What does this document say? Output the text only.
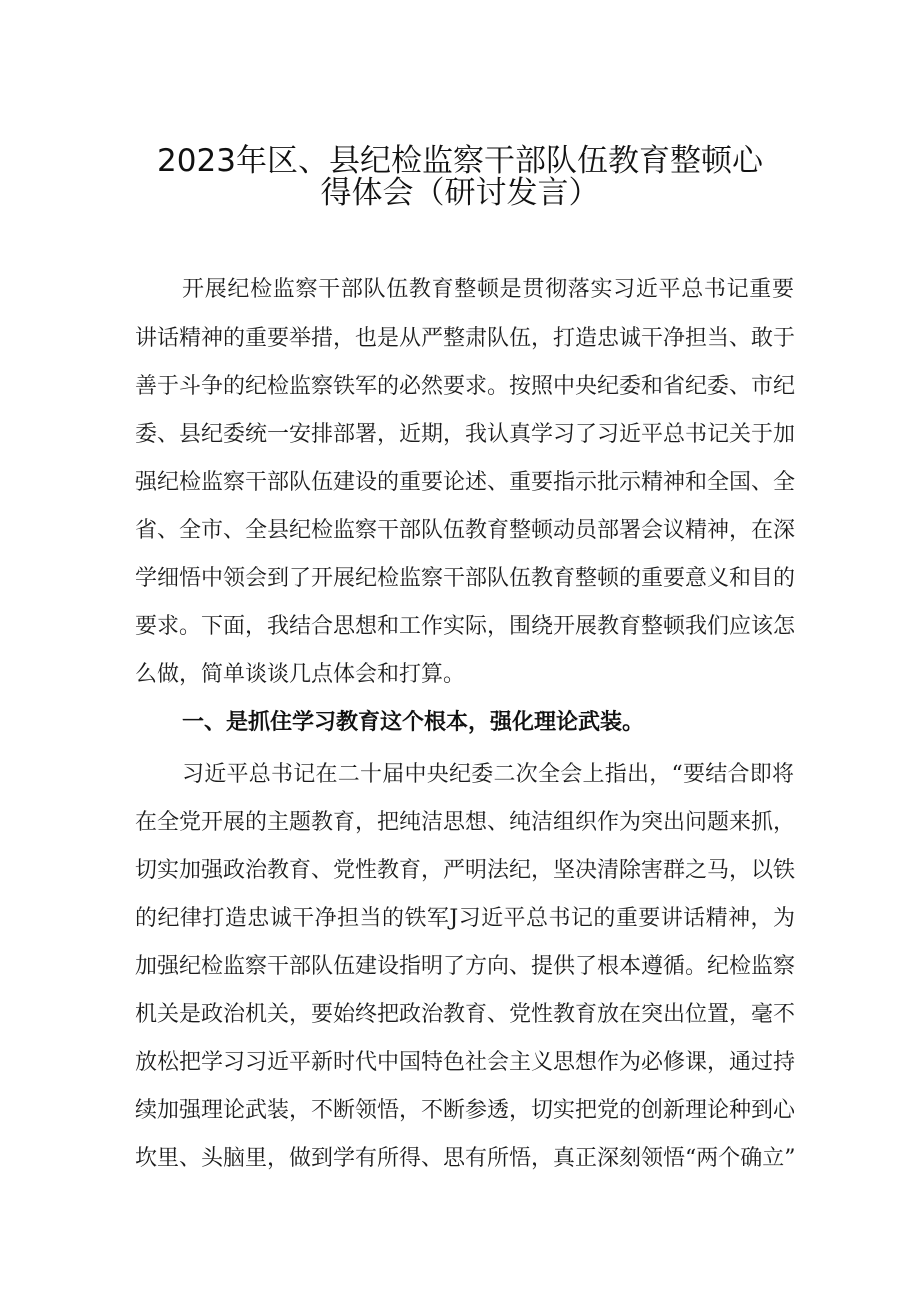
2023年区、县纪检监察干部队伍教育整顿心
得体会（研讨发言）

开展纪检监察干部队伍教育整顿是贯彻落实习近平总书记重要

讲话精神的重要举措，也是从严整肃队伍，打造忠诚干净担当、敢于

善于斗争的纪检监察铁军的必然要求。按照中央纪委和省纪委、市纪

委、县纪委统一安排部署，近期，我认真学习了习近平总书记关于加

强纪检监察干部队伍建设的重要论述、重要指示批示精神和全国、全

省、全市、全县纪检监察干部队伍教育整顿动员部署会议精神，在深

学细悟中领会到了开展纪检监察干部队伍教育整顿的重要意义和目的

要求。下面，我结合思想和工作实际，围绕开展教育整顿我们应该怎

么做，简单谈谈几点体会和打算。

一、是抓住学习教育这个根本，强化理论武装。

习近平总书记在二十届中央纪委二次全会上指出，“要结合即将

在全党开展的主题教育，把纯洁思想、纯洁组织作为突出问题来抓，

切实加强政治教育、党性教育，严明法纪，坚决清除害群之马，以铁

的纪律打造忠诚干净担当的铁军J习近平总书记的重要讲话精神，为

加强纪检监察干部队伍建设指明了方向、提供了根本遵循。纪检监察

机关是政治机关，要始终把政治教育、党性教育放在突出位置，毫不

放松把学习习近平新时代中国特色社会主义思想作为必修课，通过持

续加强理论武装，不断领悟，不断参透，切实把党的创新理论种到心

坎里、头脑里，做到学有所得、思有所悟，真正深刻领悟“两个确立”
